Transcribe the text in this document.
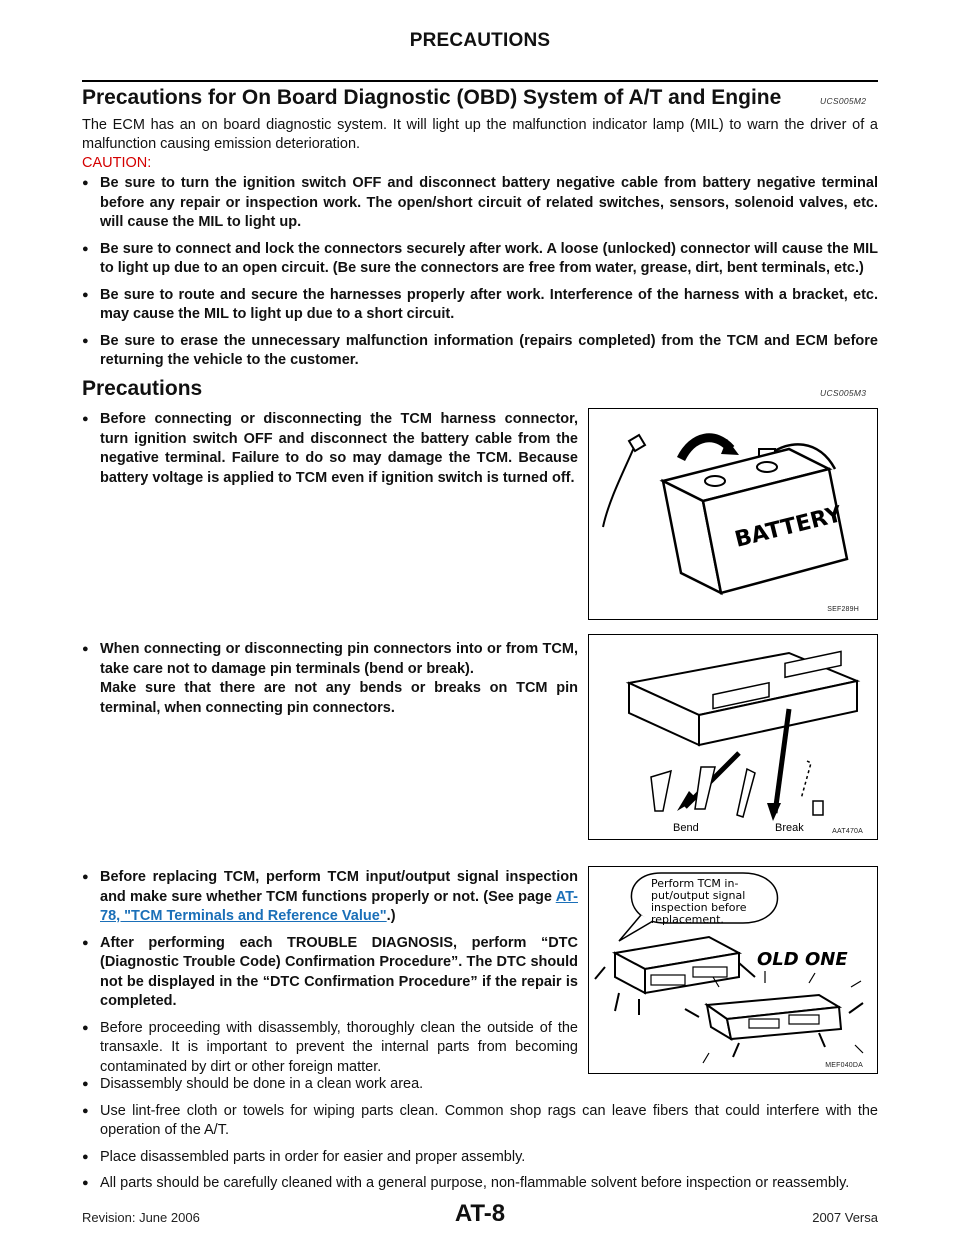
PRECAUTIONS
Precautions for On Board Diagnostic (OBD) System of A/T and Engine	UCS005M2
The ECM has an on board diagnostic system. It will light up the malfunction indicator lamp (MIL) to warn the driver of a malfunction causing emission deterioration.
CAUTION:
● Be sure to turn the ignition switch OFF and disconnect battery negative cable from battery negative terminal before any repair or inspection work. The open/short circuit of related switches, sensors, solenoid valves, etc. will cause the MIL to light up.
● Be sure to connect and lock the connectors securely after work. A loose (unlocked) connector will cause the MIL to light up due to an open circuit. (Be sure the connectors are free from water, grease, dirt, bent terminals, etc.)
● Be sure to route and secure the harnesses properly after work. Interference of the harness with a bracket, etc. may cause the MIL to light up due to a short circuit.
● Be sure to erase the unnecessary malfunction information (repairs completed) from the TCM and ECM before returning the vehicle to the customer.
Precautions	UCS005M3
● Before connecting or disconnecting the TCM harness connector, turn ignition switch OFF and disconnect the battery cable from the negative terminal. Failure to do so may damage the TCM. Because battery voltage is applied to TCM even if ignition switch is turned off.
● When connecting or disconnecting pin connectors into or from TCM, take care not to damage pin terminals (bend or break).
Make sure that there are not any bends or breaks on TCM pin terminal, when connecting pin connectors.
● Before replacing TCM, perform TCM input/output signal inspection and make sure whether TCM functions properly or not. (See page AT-78, "TCM Terminals and Reference Value".)
● After performing each TROUBLE DIAGNOSIS, perform “DTC (Diagnostic Trouble Code) Confirmation Procedure”. The DTC should not be displayed in the “DTC Confirmation Procedure” if the repair is completed.
● Before proceeding with disassembly, thoroughly clean the outside of the transaxle. It is important to prevent the internal parts from becoming contaminated by dirt or other foreign matter.
● Disassembly should be done in a clean work area.
● Use lint-free cloth or towels for wiping parts clean. Common shop rags can leave fibers that could interfere with the operation of the A/T.
● Place disassembled parts in order for easier and proper assembly.
● All parts should be carefully cleaned with a general purpose, non-flammable solvent before inspection or reassembly.
BATTERY
SEF289H
Bend	Break	AAT470A
Perform TCM in- put/output signal inspection before replacement.
OLD ONE
MEF040DA
Revision: June 2006	AT-8	2007 Versa
